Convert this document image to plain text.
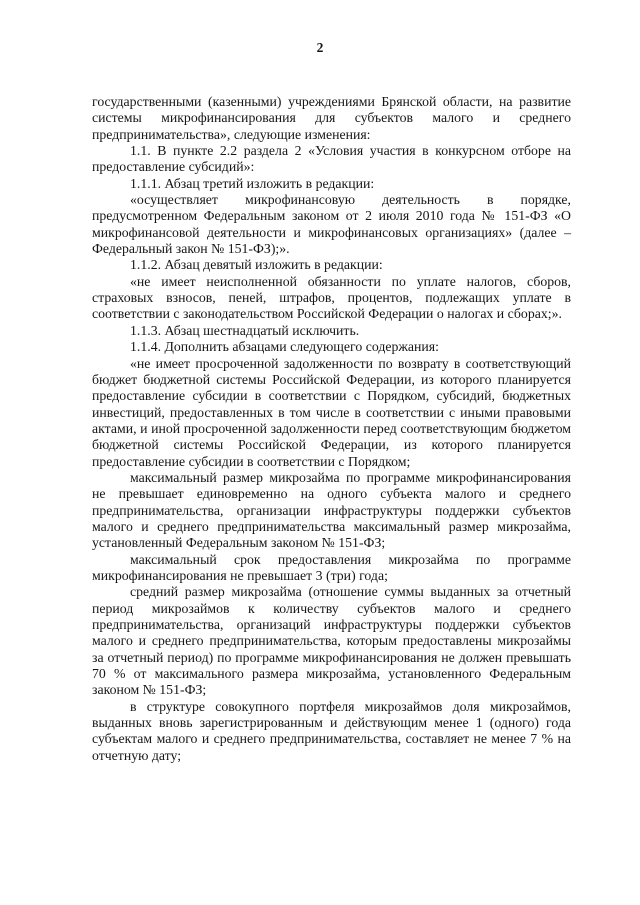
2

государственными (казенными) учреждениями Брянской области, на развитие системы микрофинансирования для субъектов малого и среднего предпринимательства», следующие изменения:

1.1. В пункте 2.2 раздела 2 «Условия участия в конкурсном отборе на предоставление субсидий»:

1.1.1. Абзац третий изложить в редакции:

«осуществляет микрофинансовую деятельность в порядке, предусмотренном Федеральным законом от 2 июля 2010 года № 151-ФЗ «О микрофинансовой деятельности и микрофинансовых организациях» (далее – Федеральный закон № 151-ФЗ);».

1.1.2. Абзац девятый изложить в редакции:

«не имеет неисполненной обязанности по уплате налогов, сборов, страховых взносов, пеней, штрафов, процентов, подлежащих уплате в соответствии с законодательством Российской Федерации о налогах и сборах;».

1.1.3. Абзац шестнадцатый исключить.

1.1.4. Дополнить абзацами следующего содержания:

«не имеет просроченной задолженности по возврату в соответствующий бюджет бюджетной системы Российской Федерации, из которого планируется предоставление субсидии в соответствии с Порядком, субсидий, бюджетных инвестиций, предоставленных в том числе в соответствии с иными правовыми актами, и иной просроченной задолженности перед соответствующим бюджетом бюджетной системы Российской Федерации, из которого планируется предоставление субсидии в соответствии с Порядком;

максимальный размер микрозайма по программе микрофинансирования не превышает единовременно на одного субъекта малого и среднего предпринимательства, организации инфраструктуры поддержки субъектов малого и среднего предпринимательства максимальный размер микрозайма, установленный Федеральным законом № 151-ФЗ;

максимальный срок предоставления микрозайма по программе микрофинансирования не превышает 3 (три) года;

средний размер микрозайма (отношение суммы выданных за отчетный период микрозаймов к количеству субъектов малого и среднего предпринимательства, организаций инфраструктуры поддержки субъектов малого и среднего предпринимательства, которым предоставлены микрозаймы за отчетный период) по программе микрофинансирования не должен превышать 70 % от максимального размера микрозайма, установленного Федеральным законом № 151-ФЗ;

в структуре совокупного портфеля микрозаймов доля микрозаймов, выданных вновь зарегистрированным и действующим менее 1 (одного) года субъектам малого и среднего предпринимательства, составляет не менее 7 % на отчетную дату;
